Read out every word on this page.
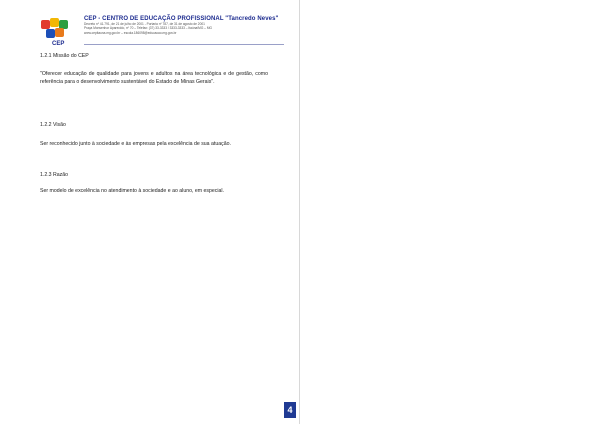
CEP
CEP - CENTRO DE EDUCAÇÃO PROFISSIONAL "Tancredo Neves"
Decreto nº 41.791, de 21 de julho de 2001 - Portaria nº 787, de 31 de agosto de 2001
Praça Monsenhor Aparecido, nº 70 – Telefax: (37) 33-3333 / 3333-3333 – Itaúna/MG – MG
www.cepitauna.mg.gov.br – escola.186098@educacao.mg.gov.br
1.2.1 Missão do CEP
"Oferecer educação de qualidade para jovens e adultos na área tecnológica e de gestão, como referência para o desenvolvimento sustentável do Estado de Minas Gerais".
1.2.2 Visão
Ser reconhecido junto à sociedade e às empresas pela excelência de sua atuação.
1.2.3 Razão
Ser modelo de excelência no atendimento à sociedade e ao aluno, em especial.
4
